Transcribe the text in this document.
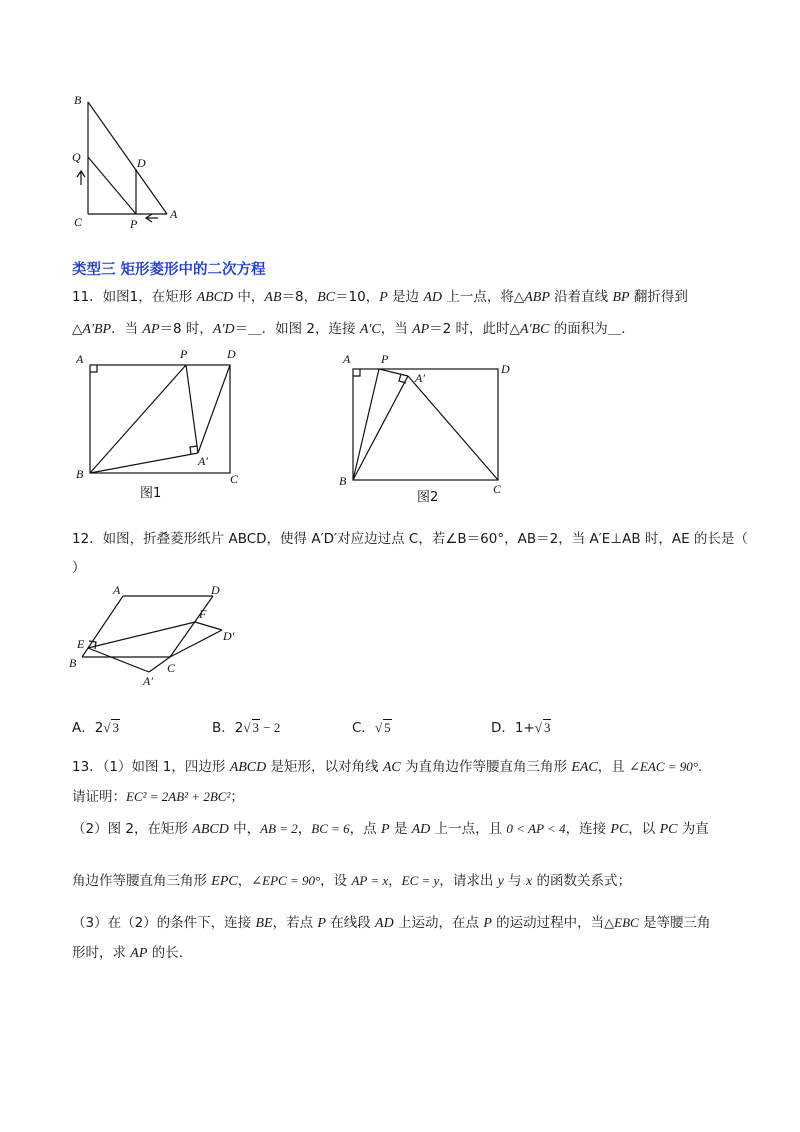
B
Q	D
C	P
A
类型三 矩形菱形中的二次方程
11．如图1，在矩形 ABCD 中，AB＝8，BC＝10，P 是边 AD 上一点，将△ABP 沿着直线 BP 翻折得到
△A′BP．当 AP＝8 时，A′D＝＿．如图 2，连接 A′C，当 AP＝2 时，此时△A′BC 的面积为＿.
A	P	D
B
A′
C
图1
A	P
A′
D
B
C
图2
12．如图，折叠菱形纸片 ABCD，使得 A′D′对应边过点 C，若∠B＝60°，AB＝2，当 A′E⊥AB 时，AE 的长是（
）
A	D
F
D′
E
B	C
A′
A．2√ 3	B．2√ 3 − 2	C．√ 5	D．1+√ 3
13．（1）如图 1，四边形 ABCD 是矩形，以对角线 AC 为直角边作等腰直角三角形 EAC，且 ∠EAC = 90°.
请证明：EC² = 2AB² + 2BC²；
（2）图 2，在矩形 ABCD 中，AB = 2，BC = 6，点 P 是 AD 上一点，且 0 < AP < 4，连接 PC，以 PC 为直
角边作等腰直角三角形 EPC，∠EPC = 90°，设 AP = x，EC = y，请求出 y 与 x 的函数关系式；
（3）在（2）的条件下，连接 BE，若点 P 在线段 AD 上运动，在点 P 的运动过程中，当△EBC 是等腰三角
形时，求 AP 的长.
